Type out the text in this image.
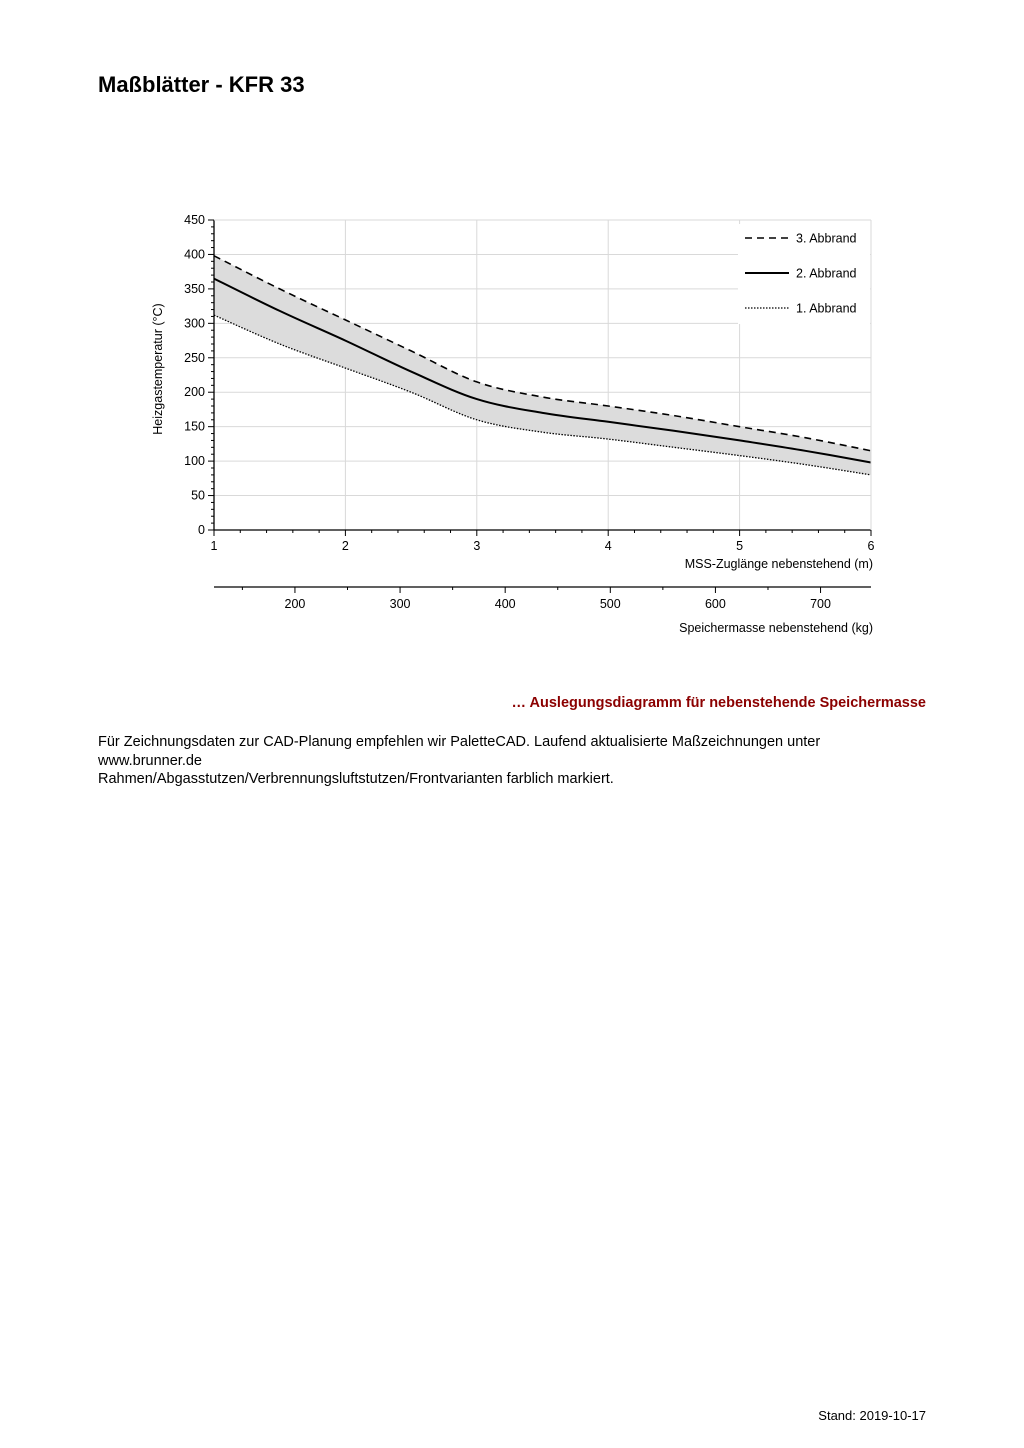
Maßblätter - KFR 33
0
50
100
150
200
250
300
350
400
450
1	2	3	4	5	6
200	300	400	500	600	700
Heizgastemperatur (°C)
MSS-Zuglänge nebenstehend (m)
Speichermasse nebenstehend (kg)
3. Abbrand
2. Abbrand
1. Abbrand
… Auslegungsdiagramm für nebenstehende Speichermasse
Für Zeichnungsdaten zur CAD-Planung empfehlen wir PaletteCAD. Laufend aktualisierte Maßzeichnungen unter
www.brunner.de
Rahmen/Abgasstutzen/Verbrennungsluftstutzen/Frontvarianten farblich markiert.
Stand: 2019-10-17
